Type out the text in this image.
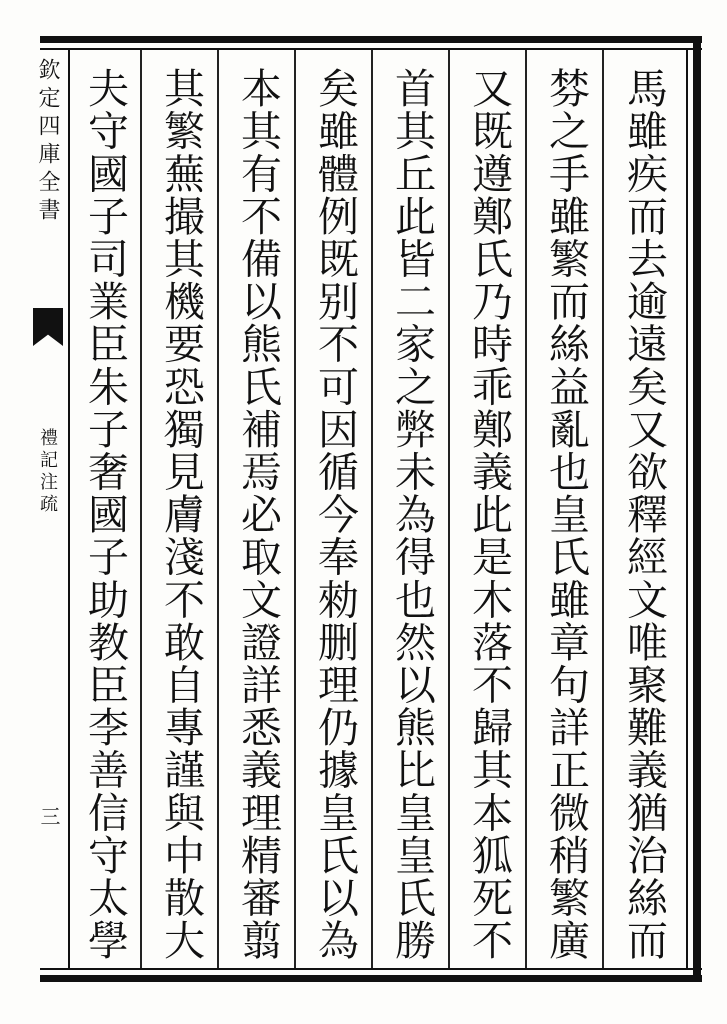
欽定四庫全書
禮記注疏
三	馬雖疾而去逾遠矣又欲釋經文唯聚難義猶治絲而
棼之手雖繁而絲益亂也皇氏雖章句詳正微稍繁廣
又既遵鄭氏乃時乖鄭義此是木落不歸其本狐死不
首其丘此皆二家之弊未為得也然以熊比皇皇氏勝
矣雖體例既别不可因循今奉勑删理仍據皇氏以為
本其有不備以熊氏補焉必取文證詳悉義理精審翦
其繁蕪撮其機要恐獨見膚淺不敢自專謹與中散大
夫守國子司業臣朱子奢國子助教臣李善信守太學
